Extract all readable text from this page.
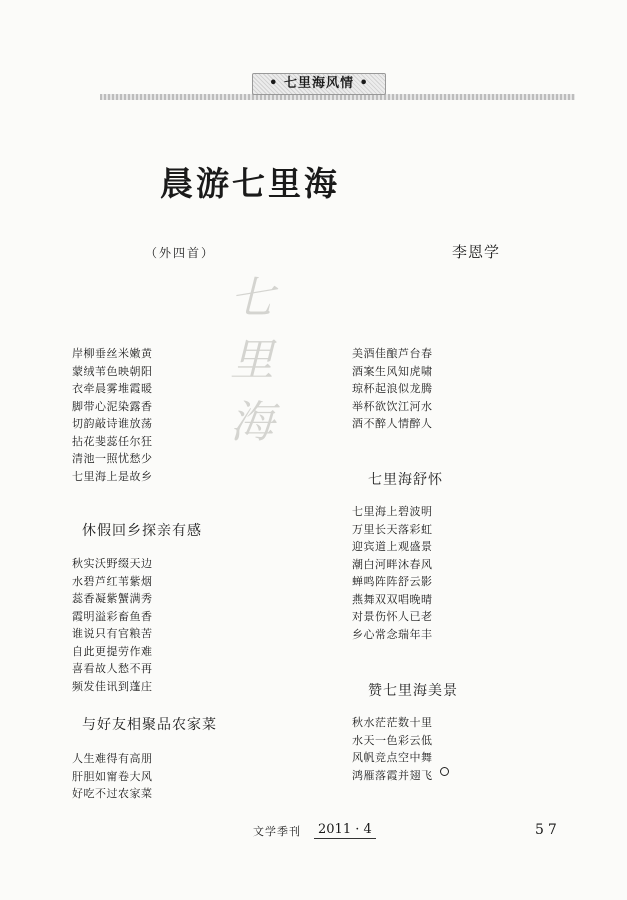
• 七里海风情 •
晨游七里海
（外四首）	李恩学
七
里
海
岸柳垂丝米嫩黄
蒙绒苇色映朝阳
衣牵晨雾堆霞暖
脚带心泥染露香
切韵敲诗谁放荡
拈花斐蕊任尔狂
清池一照忧愁少
七里海上是故乡
休假回乡探亲有感
秋实沃野缀天边
水碧芦红苇紫烟
蕊香凝紫蟹满秀
霞明溢彩畜鱼香
谁说只有官粮苦
自此更提劳作难
喜看故人愁不再
频发佳讯到蓬庄
与好友相聚品农家菜
人生难得有高朋
肝胆如甯卷大风
好吃不过农家菜
美酒佳酿芦台春
酒案生风知虎啸
琼杯起浪似龙腾
举杯欲饮江河水
酒不醉人情醉人
七里海舒怀
七里海上碧波明
万里长天落彩虹
迎宾道上观盛景
潮白河畔沐春风
蝉鸣阵阵舒云影
燕舞双双唱晚晴
对景伤怀人已老
乡心常念瑞年丰
赞七里海美景
秋水茫茫数十里
水天一色彩云低
风帆竞点空中舞
鸿雁落霞并翅飞
文学季刊	2011 · 4	57
